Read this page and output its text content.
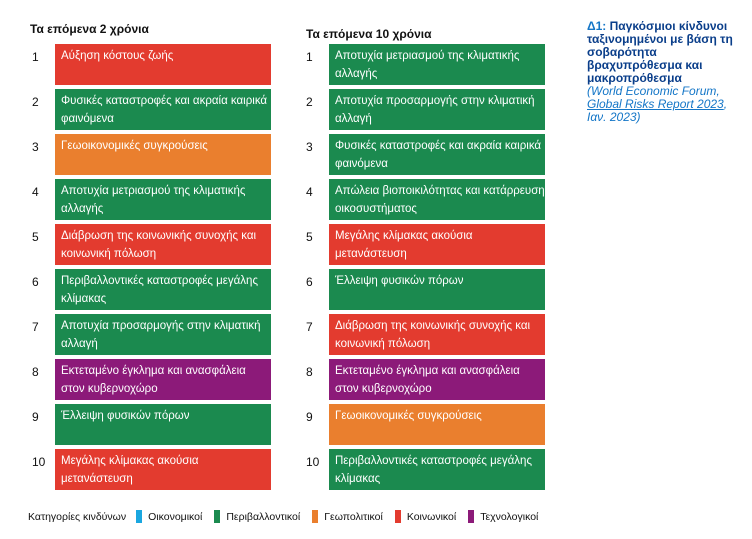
Τα επόμενα 2 χρόνια	Τα επόμενα 10 χρόνια
1	Αύξηση κόστους ζωής
2	Φυσικές καταστροφές και ακραία καιρικά φαινόμενα
3	Γεωοικονομικές συγκρούσεις
4	Αποτυχία μετριασμού της κλιματικής αλλαγής
5	Διάβρωση της κοινωνικής συνοχής και κοινωνική πόλωση
6	Περιβαλλοντικές καταστροφές μεγάλης κλίμακας
7	Αποτυχία προσαρμογής στην κλιματική αλλαγή
8	Εκτεταμένο έγκλημα και ανασφάλεια στον κυβερνοχώρο
9	Έλλειψη φυσικών πόρων
10	Μεγάλης κλίμακας ακούσια μετανάστευση
1	Αποτυχία μετριασμού της κλιματικής αλλαγής
2	Αποτυχία προσαρμογής στην κλιματική αλλαγή
3	Φυσικές καταστροφές και ακραία καιρικά φαινόμενα
4	Απώλεια βιοποικιλότητας και κατάρρευση οικοσυστήματος
5	Μεγάλης κλίμακας ακούσια μετανάστευση
6	Έλλειψη φυσικών πόρων
7	Διάβρωση της κοινωνικής συνοχής και κοινωνική πόλωση
8	Εκτεταμένο έγκλημα και ανασφάλεια στον κυβερνοχώρο
9	Γεωοικονομικές συγκρούσεις
10	Περιβαλλοντικές καταστροφές μεγάλης κλίμακας
Δ1: Παγκόσμιοι κίνδυνοι ταξινομημένοι με βάση τη σοβαρότητα βραχυπρόθεσμα και μακροπρόθεσμα
(World Economic Forum, Global Risks Report 2023, Ιαν. 2023)
Κατηγορίες κινδύνων Οικονομικοί Περιβαλλοντικοί Γεωπολιτικοί Κοινωνικοί Τεχνολογικοί
